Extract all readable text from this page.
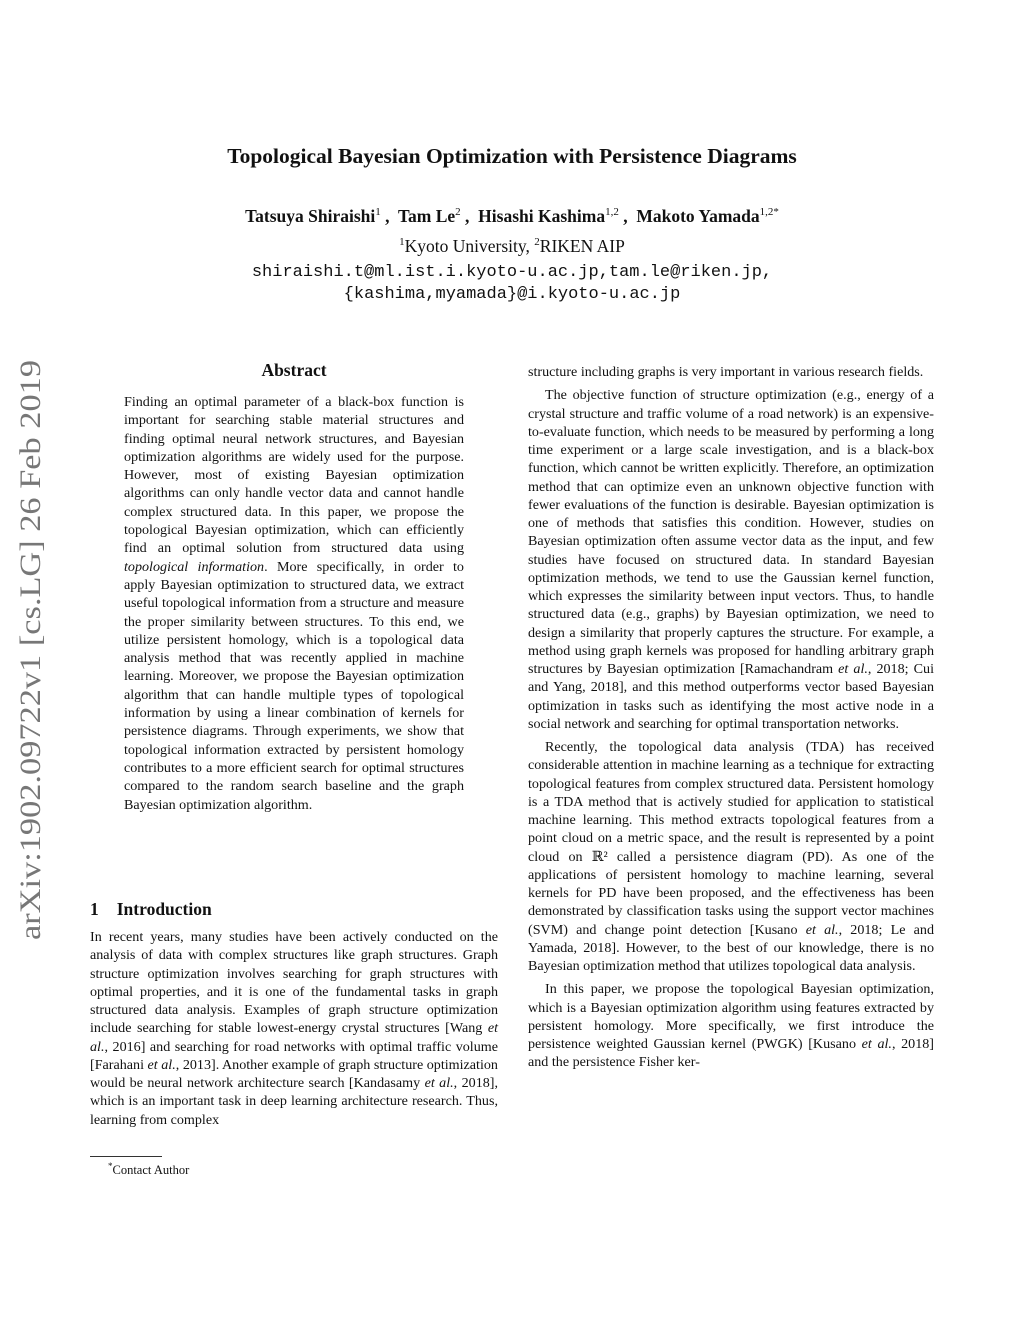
arXiv:1902.09722v1 [cs.LG] 26 Feb 2019
Topological Bayesian Optimization with Persistence Diagrams
Tatsuya Shiraishi$^1$ ,  Tam Le$^2$ ,  Hisashi Kashima$^{1,2}$ ,  Makoto Yamada$^{1,2*}$
$^1$Kyoto University, $^2$RIKEN AIP
shiraishi.t@ml.ist.i.kyoto-u.ac.jp,tam.le@riken.jp,
{kashima,myamada}@i.kyoto-u.ac.jp
Abstract
Finding an optimal parameter of a black-box function is important for searching stable material structures and finding optimal neural network structures, and Bayesian optimization algorithms are widely used for the purpose. However, most of existing Bayesian optimization algorithms can only handle vector data and cannot handle complex structured data. In this paper, we propose the topological Bayesian optimization, which can efficiently find an optimal solution from structured data using topological information. More specifically, in order to apply Bayesian optimization to structured data, we extract useful topological information from a structure and measure the proper similarity between structures. To this end, we utilize persistent homology, which is a topological data analysis method that was recently applied in machine learning. Moreover, we propose the Bayesian optimization algorithm that can handle multiple types of topological information by using a linear combination of kernels for persistence diagrams. Through experiments, we show that topological information extracted by persistent homology contributes to a more efficient search for optimal structures compared to the random search baseline and the graph Bayesian optimization algorithm.
1 Introduction

In recent years, many studies have been actively conducted on the analysis of data with complex structures like graph structures. Graph structure optimization involves searching for graph structures with optimal properties, and it is one of the fundamental tasks in graph structured data analysis. Examples of graph structure optimization include searching for stable lowest-energy crystal structures [Wang et al., 2016] and searching for road networks with optimal traffic volume [Farahani et al., 2013]. Another example of graph structure optimization would be neural network architecture search [Kandasamy et al., 2018], which is an important task in deep learning architecture research. Thus, learning from complex

*Contact Author

structure including graphs is very important in various research fields.

The objective function of structure optimization (e.g., energy of a crystal structure and traffic volume of a road network) is an expensive-to-evaluate function, which needs to be measured by performing a long time experiment or a large scale investigation, and is a black-box function, which cannot be written explicitly. Therefore, an optimization method that can optimize even an unknown objective function with fewer evaluations of the function is desirable. Bayesian optimization is one of methods that satisfies this condition. However, studies on Bayesian optimization often assume vector data as the input, and few studies have focused on structured data. In standard Bayesian optimization methods, we tend to use the Gaussian kernel function, which expresses the similarity between input vectors. Thus, to handle structured data (e.g., graphs) by Bayesian optimization, we need to design a similarity that properly captures the structure. For example, a method using graph kernels was proposed for handling arbitrary graph structures by Bayesian optimization [Ramachandram et al., 2018; Cui and Yang, 2018], and this method outperforms vector based Bayesian optimization in tasks such as identifying the most active node in a social network and searching for optimal transportation networks.

Recently, the topological data analysis (TDA) has received considerable attention in machine learning as a technique for extracting topological features from complex structured data. Persistent homology is a TDA method that is actively studied for application to statistical machine learning. This method extracts topological features from a point cloud on a metric space, and the result is represented by a point cloud on ℝ² called a persistence diagram (PD). As one of the applications of persistent homology to machine learning, several kernels for PD have been proposed, and the effectiveness has been demonstrated by classification tasks using the support vector machines (SVM) and change point detection [Kusano et al., 2018; Le and Yamada, 2018]. However, to the best of our knowledge, there is no Bayesian optimization method that utilizes topological data analysis.

In this paper, we propose the topological Bayesian optimization, which is a Bayesian optimization algorithm using features extracted by persistent homology. More specifically, we first introduce the persistence weighted Gaussian kernel (PWGK) [Kusano et al., 2018] and the persistence Fisher ker-
